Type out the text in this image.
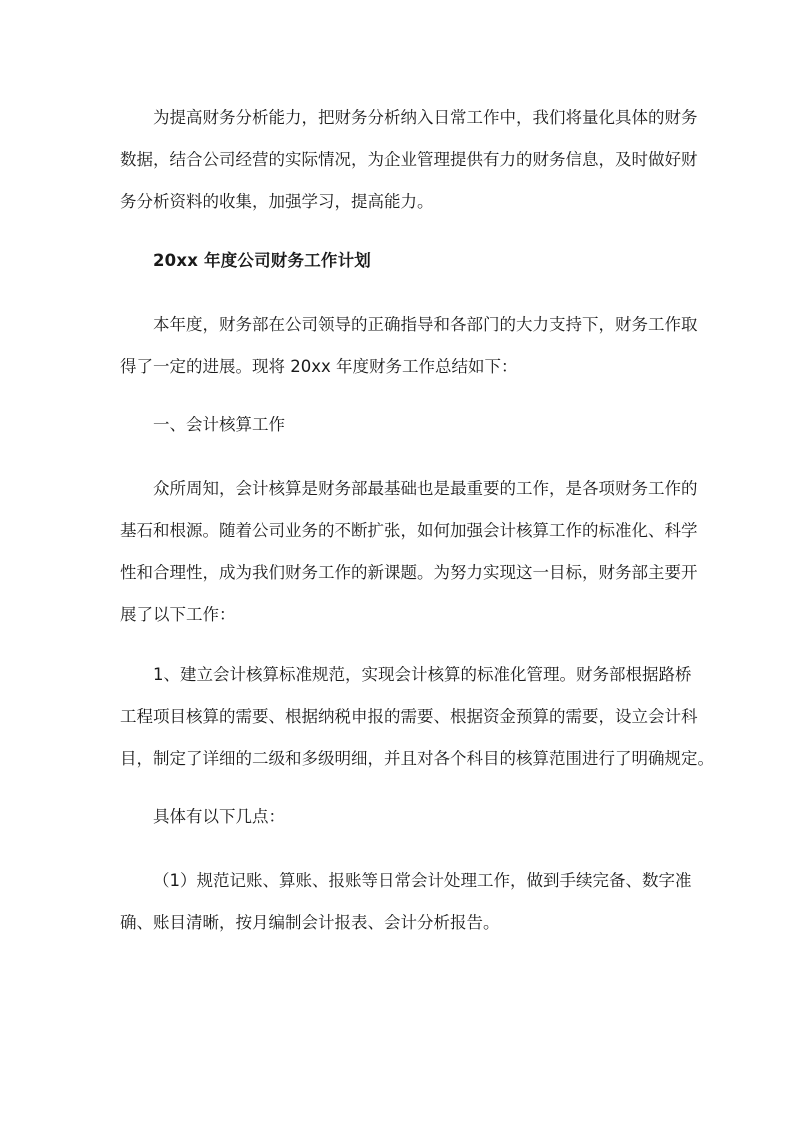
为提高财务分析能力，把财务分析纳入日常工作中，我们将量化具体的财务
数据，结合公司经营的实际情况，为企业管理提供有力的财务信息，及时做好财
务分析资料的收集，加强学习，提高能力。
20xx 年度公司财务工作计划
本年度，财务部在公司领导的正确指导和各部门的大力支持下，财务工作取
得了一定的进展。现将 20xx 年度财务工作总结如下：
一、会计核算工作
众所周知，会计核算是财务部最基础也是最重要的工作，是各项财务工作的
基石和根源。随着公司业务的不断扩张，如何加强会计核算工作的标准化、科学
性和合理性，成为我们财务工作的新课题。为努力实现这一目标，财务部主要开
展了以下工作：
1、建立会计核算标准规范，实现会计核算的标准化管理。财务部根据路桥
工程项目核算的需要、根据纳税申报的需要、根据资金预算的需要，设立会计科
目，制定了详细的二级和多级明细，并且对各个科目的核算范围进行了明确规定。
具体有以下几点：
（1）规范记账、算账、报账等日常会计处理工作，做到手续完备、数字准
确、账目清晰，按月编制会计报表、会计分析报告。
